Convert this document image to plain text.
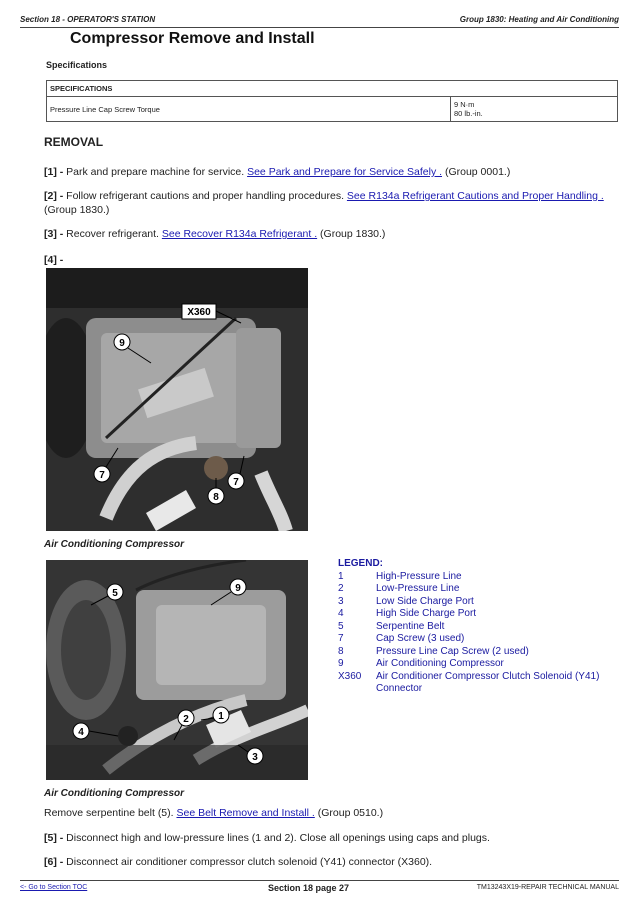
Section 18 - OPERATOR'S STATION	Group 1830: Heating and Air Conditioning
Compressor Remove and Install
Specifications
SPECIFICATIONS
Pressure Line Cap Screw Torque	9 N·m
80 lb.-in.
REMOVAL
[1] - Park and prepare machine for service. See Park and Prepare for Service Safely . (Group 0001.)
[2] - Follow refrigerant cautions and proper handling procedures. See R134a Refrigerant Cautions and Proper Handling . (Group 1830.)
[3] - Recover refrigerant. See Recover R134a Refrigerant . (Group 1830.)
[4] -
X360
9
7
8
7
Air Conditioning Compressor
5	9
1
2
4
3
LEGEND:
1	High-Pressure Line
2	Low-Pressure Line
3	Low Side Charge Port
4	High Side Charge Port
5	Serpentine Belt
7	Cap Screw (3 used)
8	Pressure Line Cap Screw (2 used)
9	Air Conditioning Compressor
X360	Air Conditioner Compressor Clutch Solenoid (Y41) Connector
Air Conditioning Compressor
Remove serpentine belt (5). See Belt Remove and Install . (Group 0510.)
[5] - Disconnect high and low-pressure lines (1 and 2). Close all openings using caps and plugs.
[6] - Disconnect air conditioner compressor clutch solenoid (Y41) connector (X360).
<- Go to Section TOC	Section 18 page 27	TM13243X19-REPAIR TECHNICAL MANUAL
